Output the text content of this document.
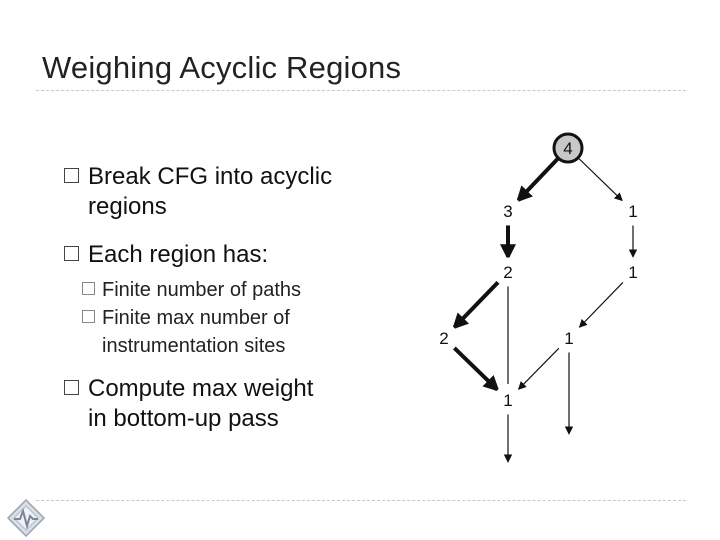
Weighing Acyclic Regions
Break CFG into acyclic
regions
Each region has:
Finite number of paths
Finite max number of
instrumentation sites
Compute max weight
in bottom-up pass
4
3	1
2	1
2	1
1
